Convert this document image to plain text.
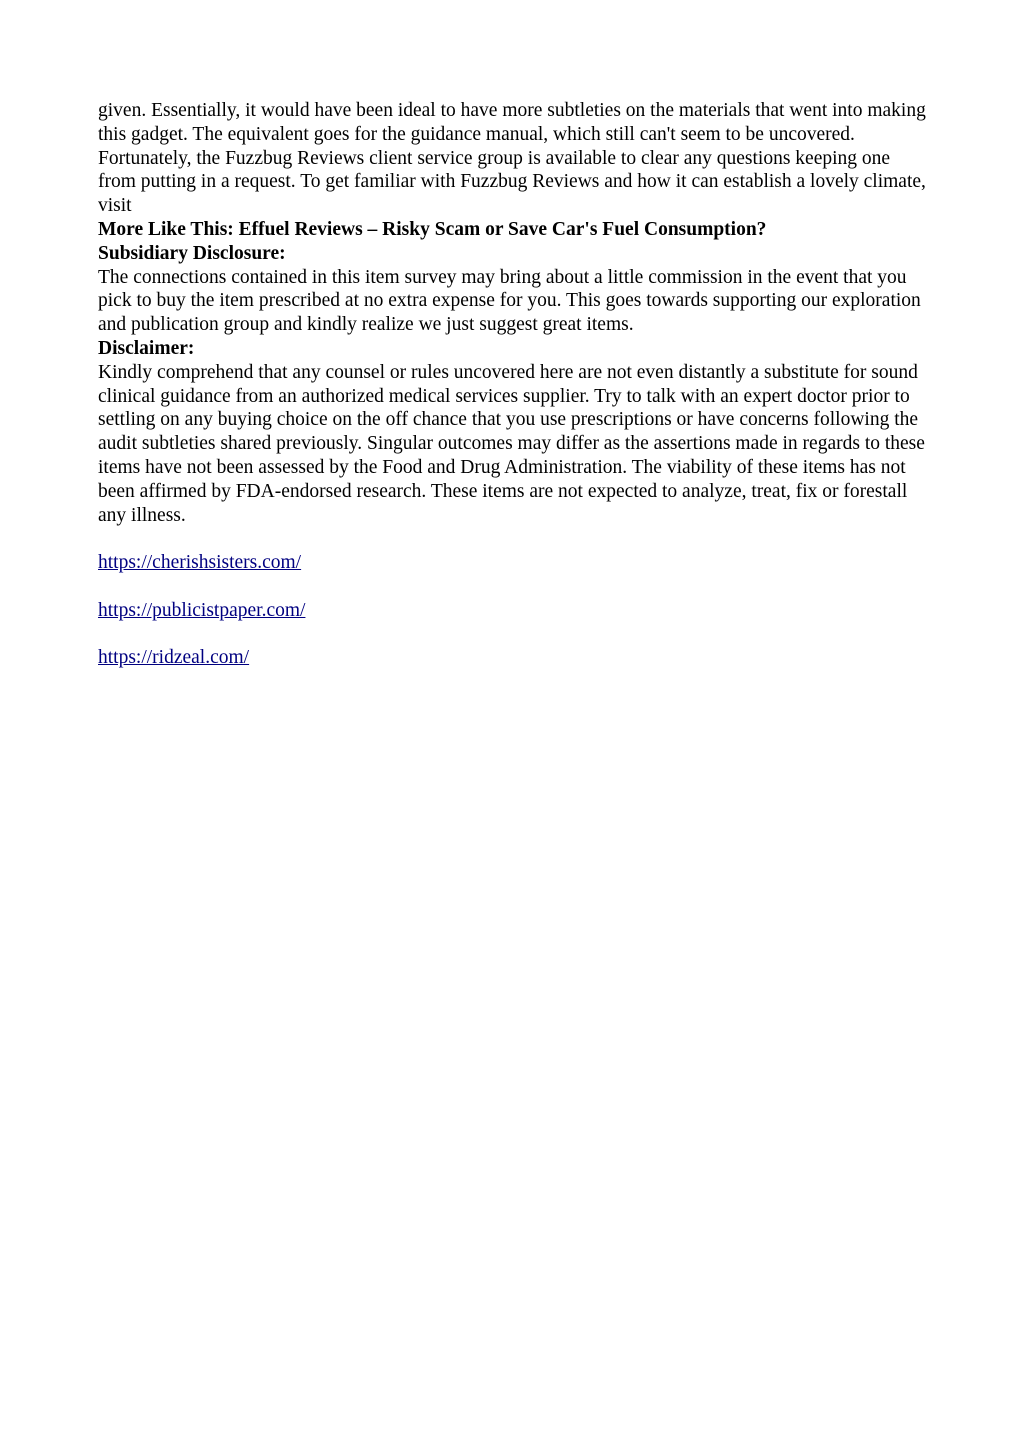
given. Essentially, it would have been ideal to have more subtleties on the materials that went into making this gadget. The equivalent goes for the guidance manual, which still can't seem to be uncovered. Fortunately, the Fuzzbug Reviews client service group is available to clear any questions keeping one from putting in a request. To get familiar with Fuzzbug Reviews and how it can establish a lovely climate, visit

More Like This: Effuel Reviews – Risky Scam or Save Car's Fuel Consumption?

Subsidiary Disclosure:

The connections contained in this item survey may bring about a little commission in the event that you pick to buy the item prescribed at no extra expense for you. This goes towards supporting our exploration and publication group and kindly realize we just suggest great items.

Disclaimer:

Kindly comprehend that any counsel or rules uncovered here are not even distantly a substitute for sound clinical guidance from an authorized medical services supplier. Try to talk with an expert doctor prior to settling on any buying choice on the off chance that you use prescriptions or have concerns following the audit subtleties shared previously. Singular outcomes may differ as the assertions made in regards to these items have not been assessed by the Food and Drug Administration. The viability of these items has not been affirmed by FDA-endorsed research. These items are not expected to analyze, treat, fix or forestall any illness.

https://cherishsisters.com/

https://publicistpaper.com/

https://ridzeal.com/
